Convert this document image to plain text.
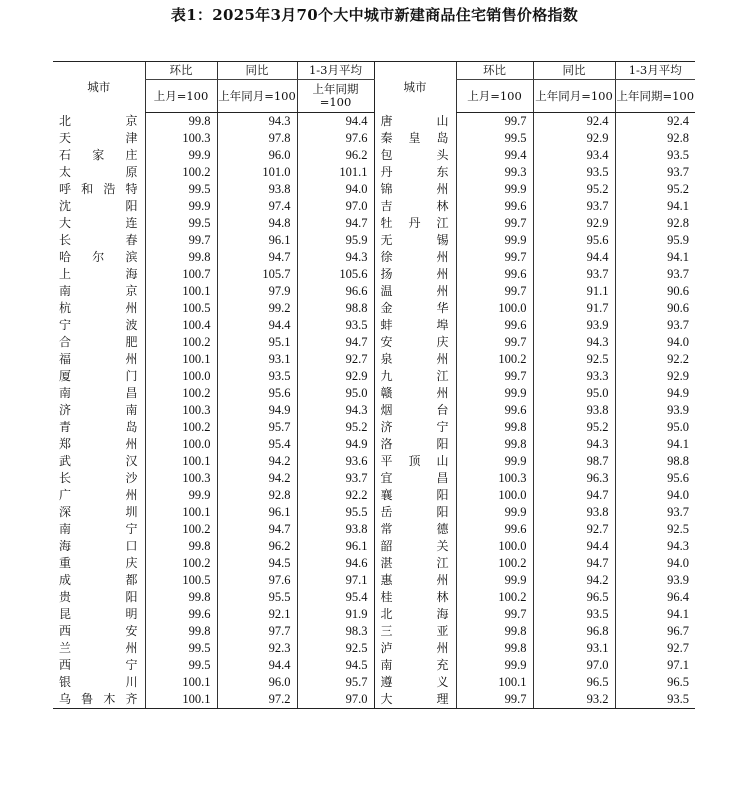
表1：2025年3月70个大中城市新建商品住宅销售价格指数
城市	环比	同比	1-3月平均	城市	环比	同比	1-3月平均
	上月=100	上年同月=100	上年同期=100		上月=100	上年同月=100	上年同期=100
北京	99.8	94.3	94.4	唐山	99.7	92.4	92.4
天津	100.3	97.8	97.6	秦皇岛	99.5	92.9	92.8
石家庄	99.9	96.0	96.2	包头	99.4	93.4	93.5
太原	100.2	101.0	101.1	丹东	99.3	93.5	93.7
呼和浩特	99.5	93.8	94.0	锦州	99.9	95.2	95.2
沈阳	99.9	97.4	97.0	吉林	99.6	93.7	94.1
大连	99.5	94.8	94.7	牡丹江	99.7	92.9	92.8
长春	99.7	96.1	95.9	无锡	99.9	95.6	95.9
哈尔滨	99.8	94.7	94.3	徐州	99.7	94.4	94.1
上海	100.7	105.7	105.6	扬州	99.6	93.7	93.7
南京	100.1	97.9	96.6	温州	99.7	91.1	90.6
杭州	100.5	99.2	98.8	金华	100.0	91.7	90.6
宁波	100.4	94.4	93.5	蚌埠	99.6	93.9	93.7
合肥	100.2	95.1	94.7	安庆	99.7	94.3	94.0
福州	100.1	93.1	92.7	泉州	100.2	92.5	92.2
厦门	100.0	93.5	92.9	九江	99.7	93.3	92.9
南昌	100.2	95.6	95.0	赣州	99.9	95.0	94.9
济南	100.3	94.9	94.3	烟台	99.6	93.8	93.9
青岛	100.2	95.7	95.2	济宁	99.8	95.2	95.0
郑州	100.0	95.4	94.9	洛阳	99.8	94.3	94.1
武汉	100.1	94.2	93.6	平顶山	99.9	98.7	98.8
长沙	100.3	94.2	93.7	宜昌	100.3	96.3	95.6
广州	99.9	92.8	92.2	襄阳	100.0	94.7	94.0
深圳	100.1	96.1	95.5	岳阳	99.9	93.8	93.7
南宁	100.2	94.7	93.8	常德	99.6	92.7	92.5
海口	99.8	96.2	96.1	韶关	100.0	94.4	94.3
重庆	100.2	94.5	94.6	湛江	100.2	94.7	94.0
成都	100.5	97.6	97.1	惠州	99.9	94.2	93.9
贵阳	99.8	95.5	95.4	桂林	100.2	96.5	96.4
昆明	99.6	92.1	91.9	北海	99.7	93.5	94.1
西安	99.8	97.7	98.3	三亚	99.8	96.8	96.7
兰州	99.5	92.3	92.5	泸州	99.8	93.1	92.7
西宁	99.5	94.4	94.5	南充	99.9	97.0	97.1
银川	100.1	96.0	95.7	遵义	100.1	96.5	96.5
乌鲁木齐	100.1	97.2	97.0	大理	99.7	93.2	93.5
